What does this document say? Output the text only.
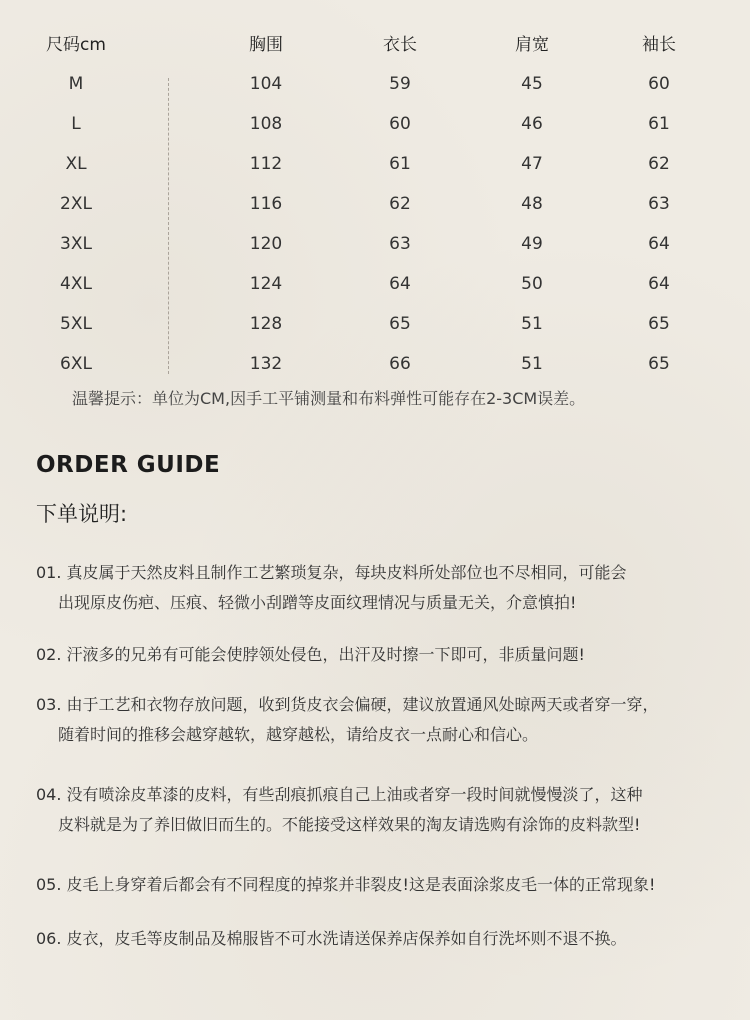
尺码cm	胸围	衣长	肩宽	袖长
M	104	59	45	60
L	108	60	46	61
XL	112	61	47	62
2XL	116	62	48	63
3XL	120	63	49	64
4XL	124	64	50	64
5XL	128	65	51	65
6XL	132	66	51	65
温馨提示：单位为CM,因手工平铺测量和布料弹性可能存在2-3CM误差。
ORDER GUIDE
下单说明:
01. 真皮属于天然皮料且制作工艺繁琐复杂，每块皮料所处部位也不尽相同，可能会
出现原皮伤疤、压痕、轻微小刮蹭等皮面纹理情况与质量无关，介意慎拍!
02. 汗液多的兄弟有可能会使脖领处侵色，出汗及时擦一下即可，非质量问题!
03. 由于工艺和衣物存放问题，收到货皮衣会偏硬，建议放置通风处晾两天或者穿一穿，
随着时间的推移会越穿越软，越穿越松，请给皮衣一点耐心和信心。
04. 没有喷涂皮革漆的皮料，有些刮痕抓痕自己上油或者穿一段时间就慢慢淡了，这种
皮料就是为了养旧做旧而生的。不能接受这样效果的淘友请选购有涂饰的皮料款型!
05. 皮毛上身穿着后都会有不同程度的掉浆并非裂皮!这是表面涂浆皮毛一体的正常现象!
06. 皮衣，皮毛等皮制品及棉服皆不可水洗请送保养店保养如自行洗坏则不退不换。
